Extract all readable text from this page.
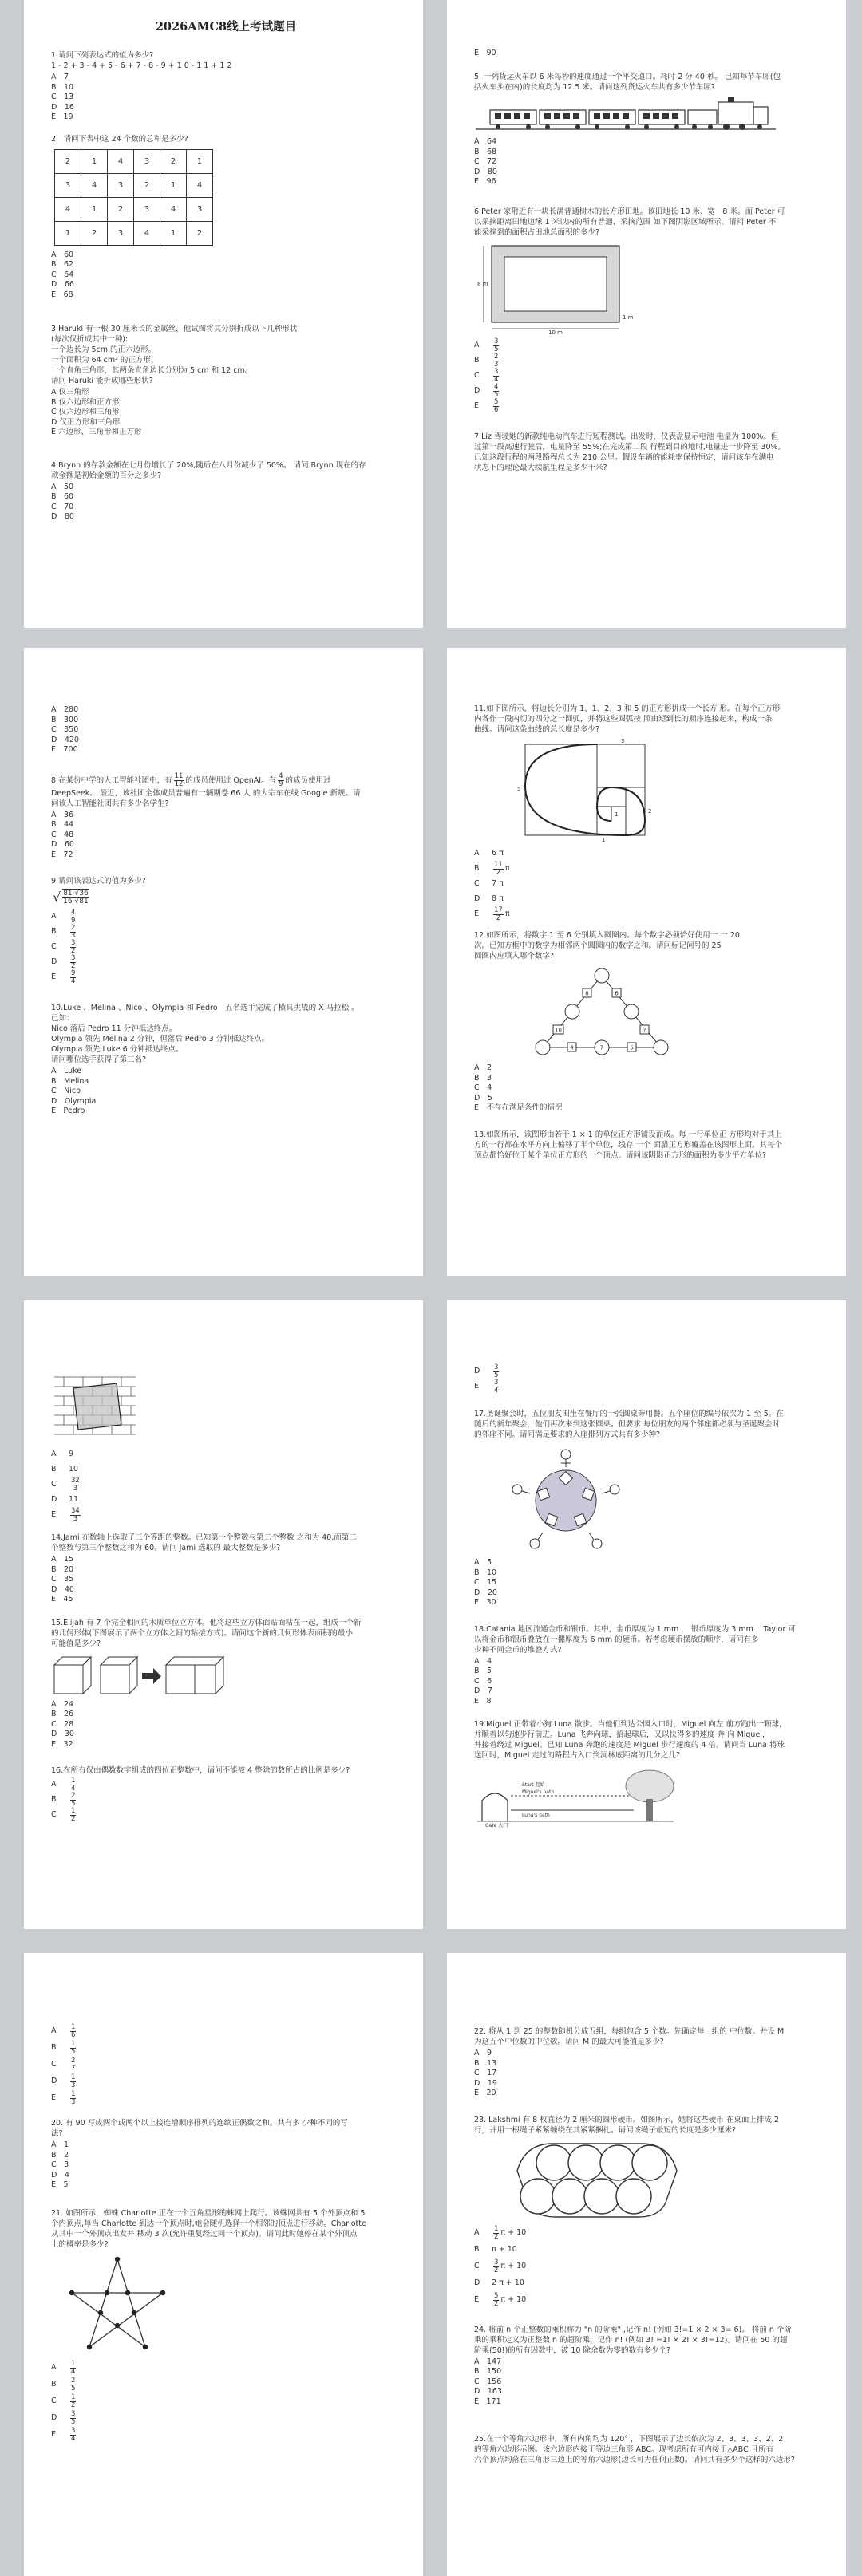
2026AMC8线上考试题目
1.请问下列表达式的值为多少?
1 - 2 + 3 - 4 + 5 - 6 + 7 - 8 - 9 + 1 0 - 1 1 + 1 2
A　7
B　10
C　13
D　16
E　19
2．请问下表中这 24 个数的总和是多少?
2	1	4	3	2	1
3	4	3	2	1	4
4	1	2	3	4	3
1	2	3	4	1	2
A　60
B　62
C　64
D　66
E　68
3.Haruki 有一根 30 厘米长的金属丝，他试图将其分别折成以下几种形状
(每次仅折成其中一种):
一个边长为 5cm 的正六边形。
一个面积为 64 cm² 的正方形。
一个直角三角形，其两条直角边长分别为 5 cm 和 12 cm。
请问 Haruki 能折成哪些形状?
A 仅三角形
B 仅六边形和正方形
C 仅六边形和三角形
D 仅正方形和三角形
E 六边形、三角形和正方形
4.Brynn 的存款金额在七月份增长了 20%,随后在八月份减少了 50%。 请问 Brynn 现在的存
款金额是初始金额的百分之多少?
A　50
B　60
C　70
D　80
E　90
5. 一列货运火车以 6 米每秒的速度通过一个平交道口。耗时 2 分 40 秒。 已知每节车厢(包
括火车头在内)的长度均为 12.5 米。请问这列货运火车共有多少节车厢?
A　64
B　68
C　72
D　80
E　96
6.Peter 家附近有一块长满普通树木的长方形田地。该田地长 10 米、宽　8 米。而 Peter 可
以采摘距离田地边缘 1 米以内的所有普通、采摘范围 如下图阴影区域所示。请问 Peter 不
能采摘到的面积占田地总面积的多少?
10 m
8 m
1 m
A	$\frac{3}{5}$
B	$\frac{2}{3}$
C	$\frac{3}{4}$
D	$\frac{4}{5}$
E	$\frac{5}{6}$
7.Liz 驾驶她的新款纯电动汽车进行短程测试。出发时，仪表盘显示电池 电量为 100%。但
过第一段高速行驶后，电量降至 55%;在完成第二段 行程到目的地时,电量进一步降至 30%。
已知这段行程的两段路程总长为 210 公里。假设车辆的能耗率保持恒定，请问该车在满电
状态下的理论最大续航里程是多少千米?
A　280
B　300
C　350
D　420
E　700
8.在某份中学的人工智能社团中，有 $\frac{11}{12}$ 的成员使用过 OpenAI。有 $\frac{4}{9}$ 的成员使用过
DeepSeek。 最近，该社团全体成员普遍有一辆期卷 66 人 的大宗车在线 Google 新规。请
问该人工智能社团共有多少名学生?
A　36
B　44
C　48
D　60
E　72
9.请问该表达式的值为多少?
√ $\frac{81\cdot√36}{16\cdot√81}$
A	$\frac{4}{9}$
B	$\frac{2}{3}$
C	$\frac{3}{2}$
D	$\frac{3}{2}$
E	$\frac{9}{4}$
10.Luke 、Melina 、Nico 、Olympia 和 Pedro　五名选手完成了横具挑战的 X 马拉松 。
已知：
Nico 落后 Pedro 11 分钟抵达终点。
Olympia 领先 Melina 2 分钟，但落后 Pedro 3 分钟抵达终点。
Olympia 领先 Luke 6 分钟抵达终点。
请问哪位选手获得了第三名?
A　Luke
B　Melina
C　Nico
D　Olympia
E　Pedro
11.如下图所示，将边长分别为 1、1、2、3 和 5 的正方形拼成一个长方 形。在每个正方形
内各作一段内切的四分之一圆弧，并将这些圆弧按 照由短到长的顺序连接起来，构成一条
曲线。请问这条曲线的总长度是多少?
3
5
2
1
1
A	6 π
B	$\frac{11}{2}$ π
C	7 π
D	8 π
E	$\frac{17}{2}$ π
12.如图所示，将数字 1 至 6 分别填入圆圈内。每个数字必须恰好使用一 一 20
次。已知方框中的数字为相邻两个圆圈内的数字之和。请问标记问号的 25
圆圈内应填入哪个数字?
8	6
10
4	7	5
?
A　2
B　3
C　4
D　5
E　不存在满足条件的情况
13.如图所示，该图形由若干 1 × 1 的单位正方形铺设而成。每 一行单位正 方形均对于其上
方的一行都在水平方向上偏移了半个单位，线存 一个 面腊正方形覆盖在该图形上面。其每个
顶点都恰好位于某个单位正方形的一个顶点。请问该阴影正方形的面积为多少平方单位?
A	9
B	10
C	$\frac{32}{3}$
D	11
E	$\frac{34}{3}$
14.Jami 在数轴上选取了三个等距的整数。已知第一个整数与第二个整数 之和为 40,而第二
个整数与第三个整数之和为 60。请问 Jami 选取的 最大整数是多少?
A　15
B　20
C　35
D　40
E　45
15.Elijah 有 7 个完全相同的木质单位立方体。他将这些立方体面贴面粘在一起，组成一个新
的几何形体(下图展示了两个立方体之间的粘接方式)。请问这个新的几何形体表面积的最小
可能值是多少?
A　24
B　26
C　28
D　30
E　32
16.在所有仅由偶数数字组成的四位正整数中，请问不能被 4 整除的数所占的比例是多少?
A	$\frac{1}{4}$
B	$\frac{2}{5}$
C	$\frac{1}{2}$
D	$\frac{3}{5}$
E	$\frac{3}{4}$
17.圣诞聚会时，五位朋友围坐在餐厅的一张圆桌旁用餐。五个座位的编号依次为 1 至 5。在
随后的新年聚会，他们再次来到这张圆桌。但要求 每位朋友的两个邻座都必须与圣诞聚会时
的邻座不同。请问满足要求的入座排列方式共有多少种?
A　5
B　10
C　15
D　20
E　30
18.Catania 地区流通金币和银币。其中，金币厚度为 1 mm ， 银币厚度为 3 mm ，Taylor 可
以将金币和银币叠放在一摞厚度为 6 mm 的硬币。若考虑硬币摆放的顺序，请问有多
少种不同金币的堆叠方式?
A　4
B　5
C　6
D　7
E　8
19.Miguel 正带着小狗 Luna 散步。当他们到达公园入口时，Miguel 向左 前方跑出一颗球，
并顺着以匀速步行前进。Luna 飞奔向球，拾起球后，又以快得多的速度 奔 向 Miguel，
并接着绕过 Miguel。已知 Luna 奔跑的速度是 Miguel 步行速度的 4 倍。请问当 Luna 将球
送回时，Miguel 走过的路程占入口到洞林底距离的几分之几?
Start 起始
Miguel's path
Luna's path
Gate 大门
A	$\frac{1}{6}$
B	$\frac{1}{5}$
C	$\frac{2}{7}$
D	$\frac{1}{3}$
E	$\frac{1}{3}$
20. 有 90 写成两个或两个以上接连增顺序排列的连续正偶数之和。共有多 少种不同的写
法?
A　1
B　2
C　3
D　4
E　5
21. 如图所示，蜘蛛 Charlotte 正在一个五角星形的蛛网上爬行。该蛛网共有 5 个外顶点和 5
个内顶点,每当 Charlotte 到达一个顶点时,她会随机选择一个相邻的顶点进行移动。Charlotte
从其中一个外顶点出发并 移动 3 次(允许重复经过同一个顶点)。请问此时她停在某个外顶点
上的概率是多少?
A	$\frac{1}{4}$
B	$\frac{2}{5}$
C	$\frac{1}{2}$
D	$\frac{3}{5}$
E	$\frac{3}{4}$
22. 将从 1 到 25 的整数随机分成五组，每组包含 5 个数。先确定每一组的 中位数。并设 M
为这五个中位数的中位数。请问 M 的最大可能值是多少?
A　9
B　13
C　17
D　19
E　20
23. Lakshmi 有 8 枚直径为 2 厘米的圆形硬币。如图所示，她将这些硬币 在桌面上排成 2
行，并用一根绳子紧紧缠绕在其紧紧捆扎。请问该绳子最短的长度是多少厘米?
A	$\frac{1}{2}$ π + 10
B	π + 10
C	$\frac{3}{2}$ π + 10
D	2 π + 10
E	$\frac{5}{2}$ π + 10
24. 将前 n 个正整数的乘积称为 "n 的阶乘" ,记作 n! (例如 3!=1 × 2 × 3= 6)。 将前 n 个阶
乘的乘积定义为正整数 n 的超阶乘，记作 n! (例如 3! =1! × 2! × 3!=12)。请问在 50 的超
阶乘(50!)的所有因数中，被 10 除余数为零的数有多少个?
A　147
B　150
C　156
D　163
E　171
25.在一个等角六边形中，所有内角均为 120° ，下图展示了边长依次为 2、3、3、3、2、2
的等角六边形示例。该六边形内接于等边三角形 ABC。现考虑所有可内接于△ABC 且所有
六个顶点均落在三角形三边上的等角六边形(边长可为任何正数)。请问共有多少个这样的六边形?
